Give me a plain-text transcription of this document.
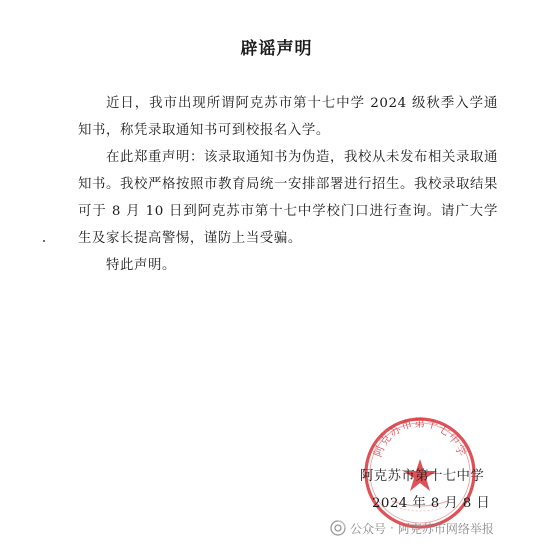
辟谣声明

近日，我市出现所谓阿克苏市第十七中学 2024 级秋季入学通知书，称凭录取通知书可到校报名入学。

在此郑重声明：该录取通知书为伪造，我校从未发布相关录取通知书。我校严格按照市教育局统一安排部署进行招生。我校录取结果可于 8 月 10 日到阿克苏市第十七中学校门口进行查询。请广大学生及家长提高警惕，谨防上当受骗。

特此声明。

阿克苏市第十七中学
阿克苏市第十七中学
2024 年 8 月 8 日
公众号 · 阿克苏市网络举报
